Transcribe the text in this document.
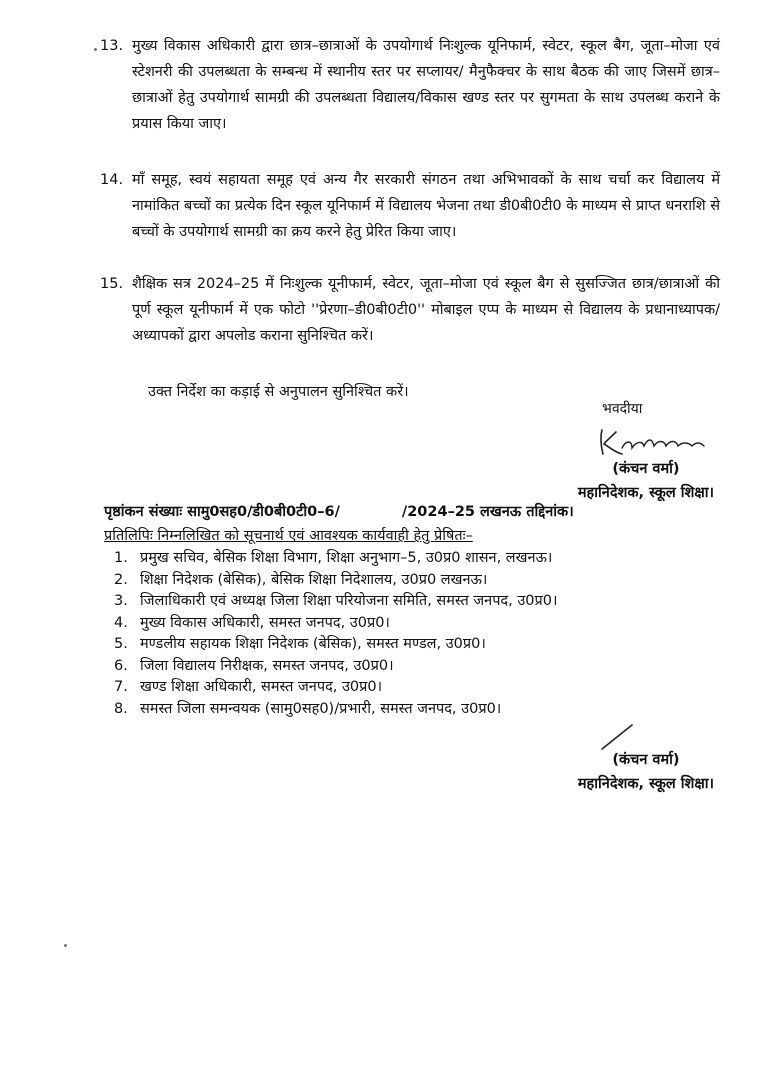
13. मुख्य विकास अधिकारी द्वारा छात्र–छात्राओं के उपयोगार्थ निःशुल्क यूनिफार्म, स्वेटर, स्कूल बैग, जूता–मोजा एवं स्टेशनरी की उपलब्धता के सम्बन्ध में स्थानीय स्तर पर सप्लायर/ मैनुफैक्चर के साथ बैठक की जाए जिसमें छात्र–छात्राओं हेतु उपयोगार्थ सामग्री की उपलब्धता विद्यालय/विकास खण्ड स्तर पर सुगमता के साथ उपलब्ध कराने के प्रयास किया जाए।
14. माँ समूह, स्वयं सहायता समूह एवं अन्य गैर सरकारी संगठन तथा अभिभावकों के साथ चर्चा कर विद्यालय में नामांकित बच्चों का प्रत्येक दिन स्कूल यूनिफार्म में विद्यालय भेजना तथा डी0बी0टी0 के माध्यम से प्राप्त धनराशि से बच्चों के उपयोगार्थ सामग्री का क्रय करने हेतु प्रेरित किया जाए।
15. शैक्षिक सत्र 2024–25 में निःशुल्क यूनीफार्म, स्वेटर, जूता–मोजा एवं स्कूल बैग से सुसज्जित छात्र/छात्राओं की पूर्ण स्कूल यूनीफार्म में एक फोटो ''प्रेरणा–डी0बी0टी0'' मोबाइल एप्प के माध्यम से विद्यालय के प्रधानाध्यापक/अध्यापकों द्वारा अपलोड कराना सुनिश्चित करें।
उक्त निर्देश का कड़ाई से अनुपालन सुनिश्चित करें।
भवदीया
(कंचन वर्मा)
महानिदेशक, स्कूल शिक्षा।
पृष्ठांकन संख्याः सामु0सह0/डी0बी0टी0–6/	/2024–25 लखनऊ तद्दिनांक।
प्रतिलिपिः निम्नलिखित को सूचनार्थ एवं आवश्यक कार्यवाही हेतु प्रेषितः–
1. प्रमुख सचिव, बेसिक शिक्षा विभाग, शिक्षा अनुभाग–5, उ0प्र0 शासन, लखनऊ।
2. शिक्षा निदेशक (बेसिक), बेसिक शिक्षा निदेशालय, उ0प्र0 लखनऊ।
3. जिलाधिकारी एवं अध्यक्ष जिला शिक्षा परियोजना समिति, समस्त जनपद, उ0प्र0।
4. मुख्य विकास अधिकारी, समस्त जनपद, उ0प्र0।
5. मण्डलीय सहायक शिक्षा निदेशक (बेसिक), समस्त मण्डल, उ0प्र0।
6. जिला विद्यालय निरीक्षक, समस्त जनपद, उ0प्र0।
7. खण्ड शिक्षा अधिकारी, समस्त जनपद, उ0प्र0।
8. समस्त जिला समन्वयक (सामु0सह0)/प्रभारी, समस्त जनपद, उ0प्र0।
(कंचन वर्मा)
महानिदेशक, स्कूल शिक्षा।
